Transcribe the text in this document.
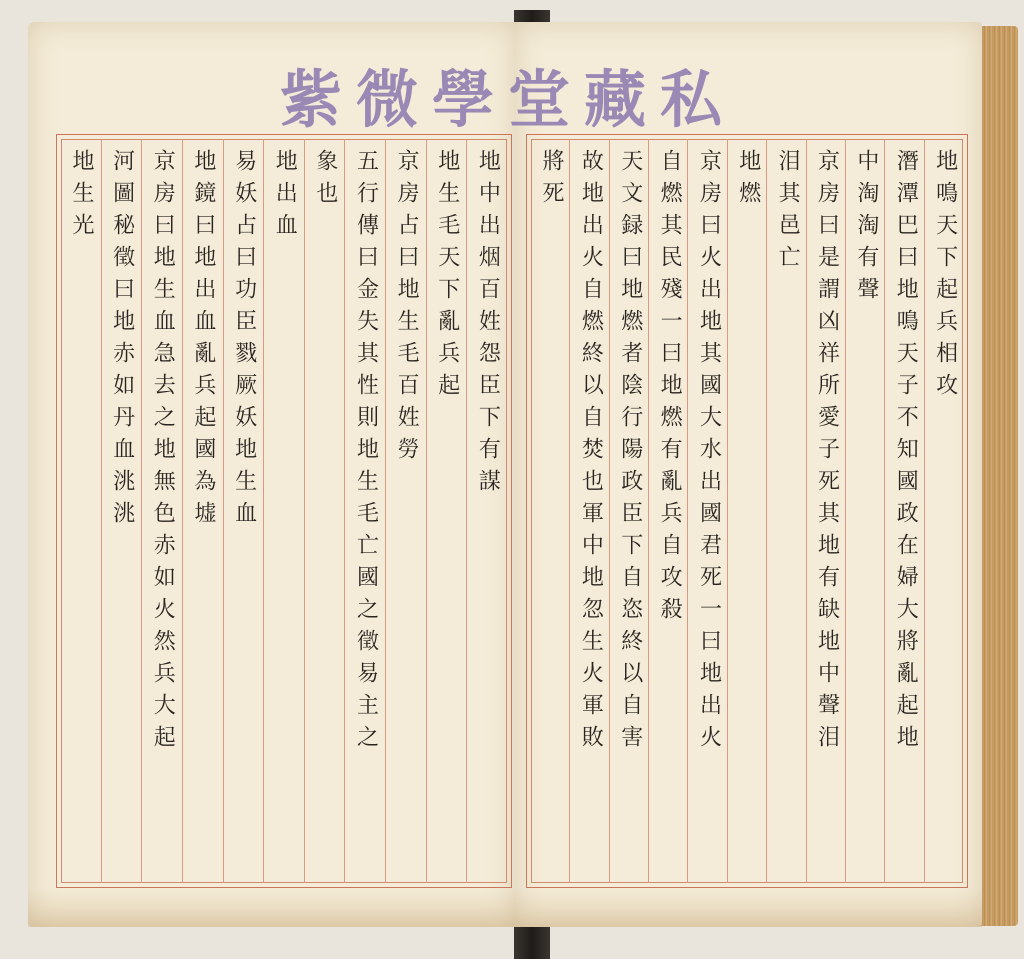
地生光 河圖秘徵曰地赤如丹血洮洮 京房曰地生血急去之地無色赤如火然兵大起 地鏡曰地出血亂兵起國為墟 易妖占曰功臣戮厥妖地生血 地出血 象也 五行傳曰金失其性則地生毛亡國之徵易主之 京房占曰地生毛百姓勞 地生毛天下亂兵起 地中出烟百姓怨臣下有謀	將死 故地出火自燃終以自焚也軍中地忽生火軍敗 天文録曰地燃者陰行陽政臣下自恣終以自害 自燃其民殘一曰地燃有亂兵自攻殺 京房曰火出地其國大水出國君死一曰地出火 地燃 泪其邑亡 京房曰是謂凶祥所愛子死其地有缺地中聲泪 中淘淘有聲 潛潭巴曰地鳴天子不知國政在婦大將亂起地 地鳴天下起兵相攻
紫微學堂藏私
